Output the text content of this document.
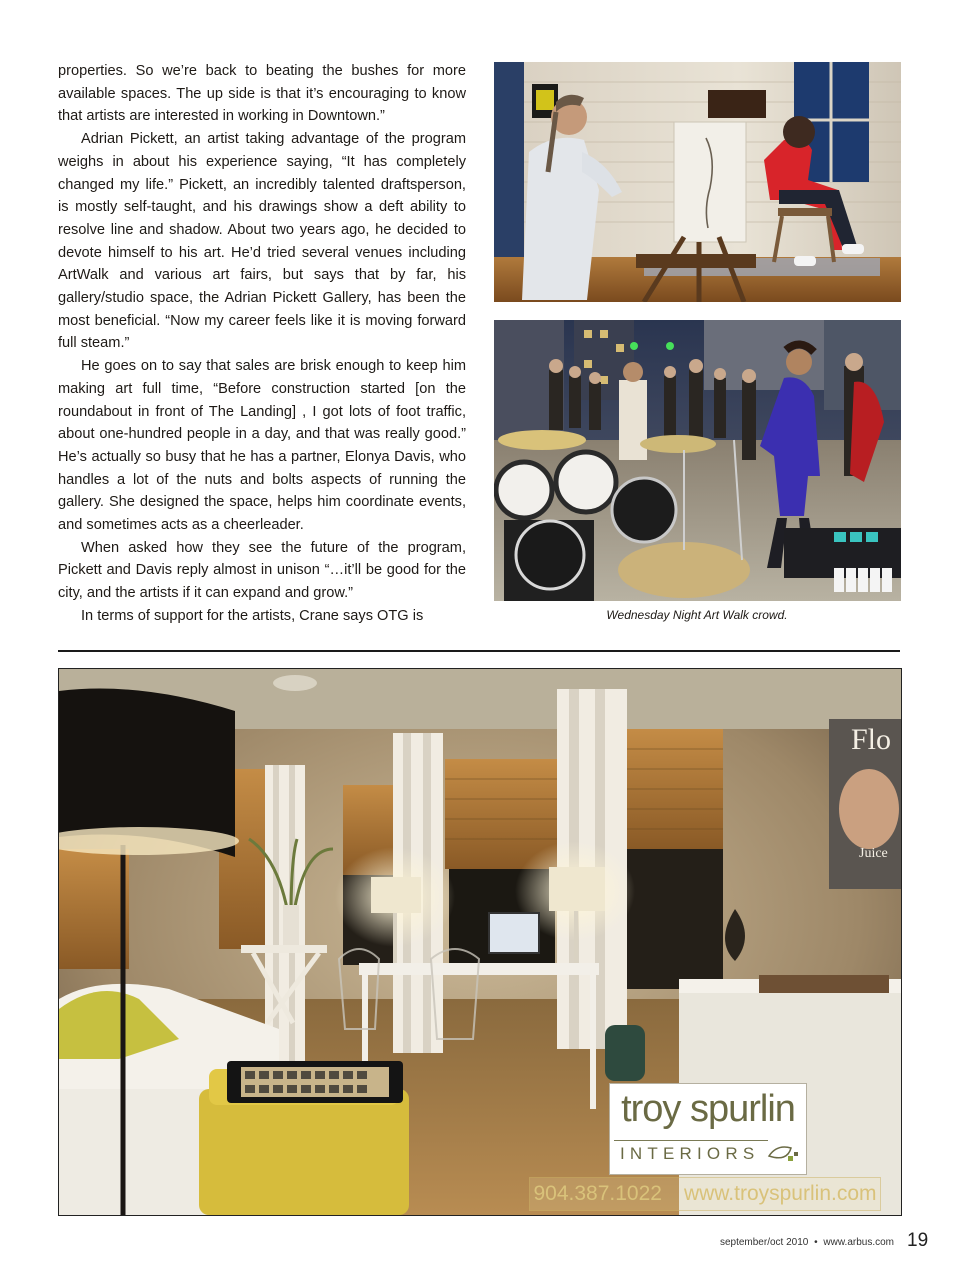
properties. So we’re back to beating the bushes for more available spaces. The up side is that it’s encouraging to know that artists are interested in working in Downtown.”

Adrian Pickett, an artist taking advantage of the program weighs in about his experience saying, “It has completely changed my life.” Pickett, an incredibly talented draftsperson, is mostly self-taught, and his drawings show a deft ability to resolve line and shadow. About two years ago, he decided to devote himself to his art. He’d tried several venues including ArtWalk and various art fairs, but says that by far, his gallery/studio space, the Adrian Pickett Gallery, has been the most beneficial. “Now my career feels like it is moving forward full steam.”

He goes on to say that sales are brisk enough to keep him making art full time, “Before construction started [on the roundabout in front of The Landing] , I got lots of foot traffic, about one-hundred people in a day, and that was really good.” He’s actually so busy that he has a partner, Elonya Davis, who handles a lot of the nuts and bolts aspects of running the gallery. She designed the space, helps him coordinate events, and sometimes acts as a cheerleader.

When asked how they see the future of the program, Pickett and Davis reply almost in unison “…it’ll be good for the city, and the artists if it can expand and grow.”

In terms of support for the artists, Crane says OTG is	Wednesday Night Art Walk crowd.

Flo
Juice
troy spurlin
INTERIORS
904.387.1022 www.troyspurlin.com

september/oct 2010 • www.arbus.com 19
